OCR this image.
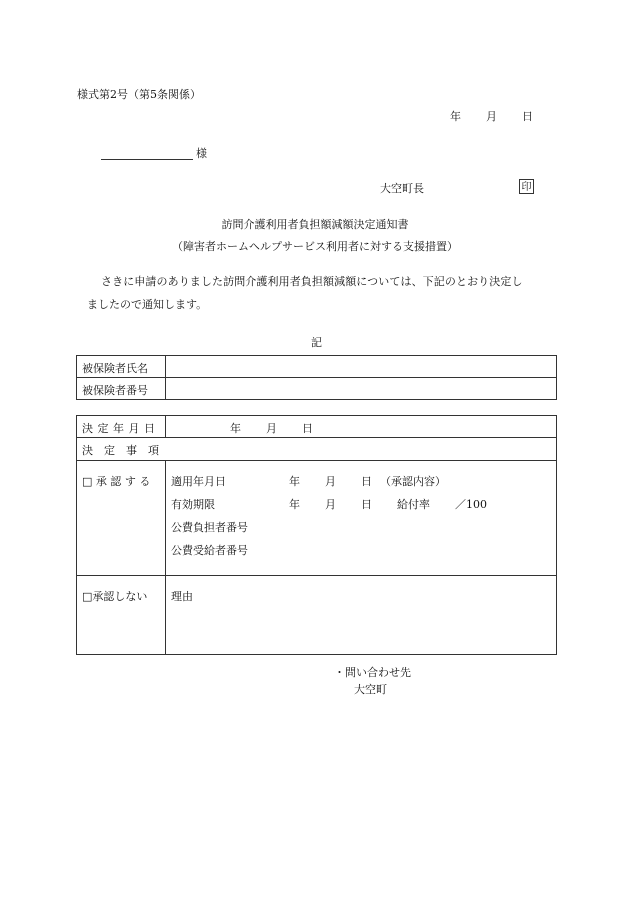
様式第2号（第5条関係）
年 月 日
様
大空町長	印
訪問介護利用者負担額減額決定通知書
（障害者ホームヘルプサービス利用者に対する支援措置）
さきに申請のありました訪問介護利用者負担額減額については、下記のとおり決定し
ましたので通知します。
記
被保険者氏名
被保険者番号
決 定 年 月 日	年 月 日
決　定　事　項
□ 承 認 す る 適用年月日	年 月 日 （承認内容）
有効期限	年 月 日 給付率 ／100
公費負担者番号
公費受給者番号
□承認しない 理由
・問い合わせ先
大空町
